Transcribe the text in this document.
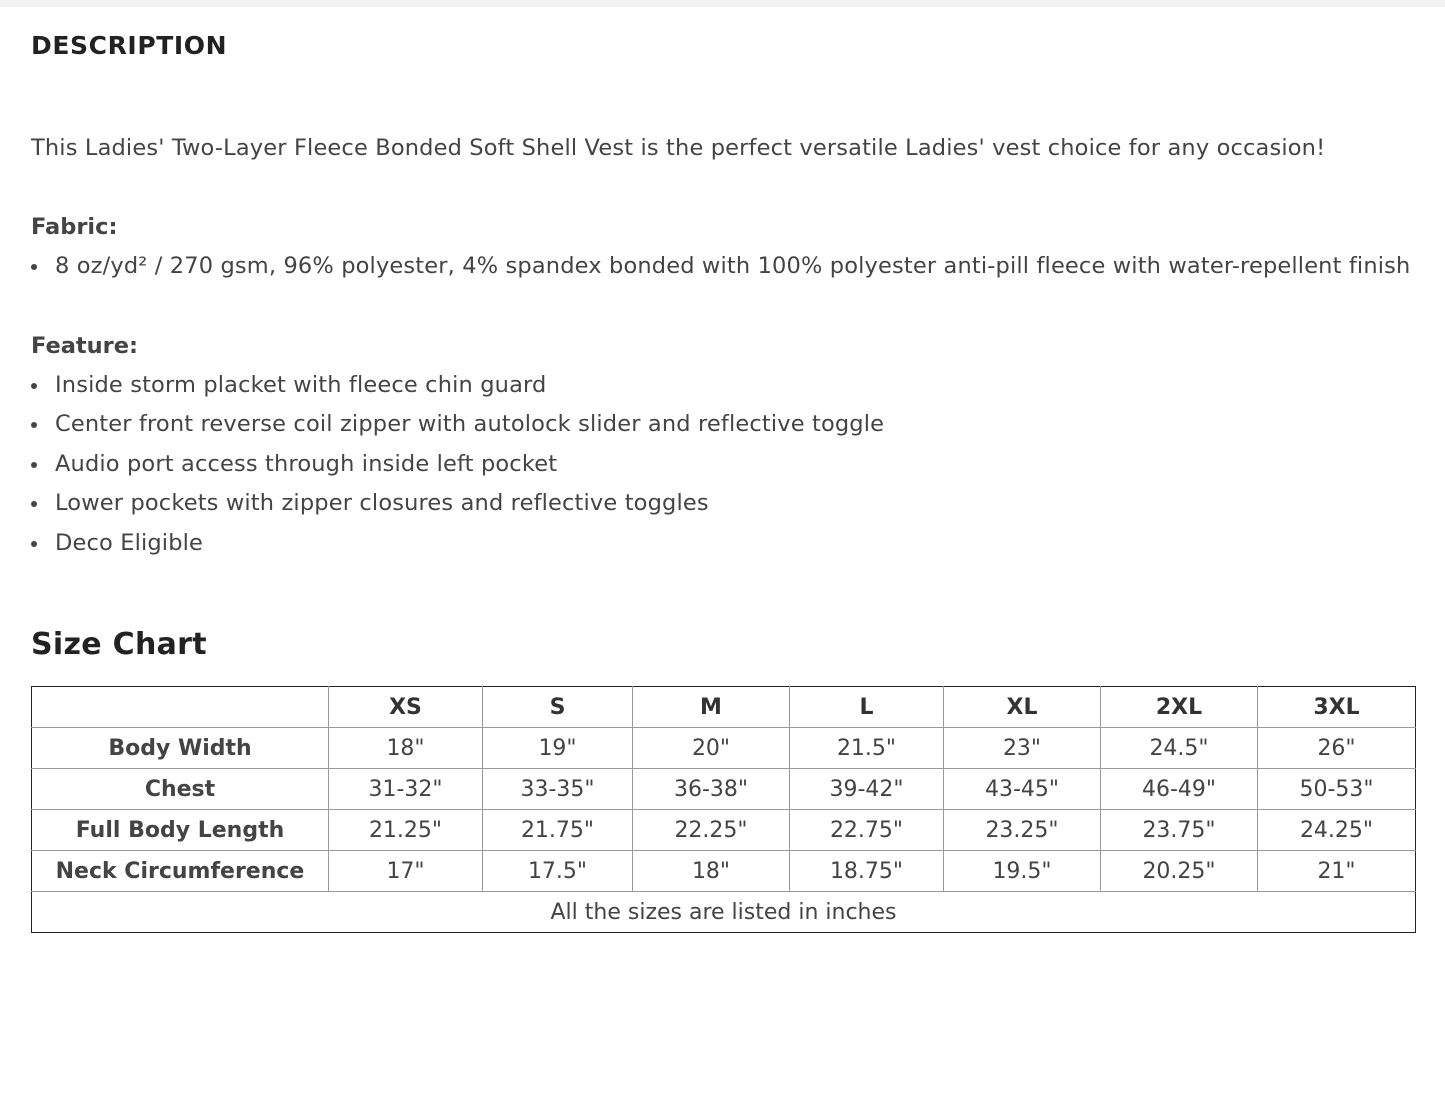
DESCRIPTION

This Ladies' Two-Layer Fleece Bonded Soft Shell Vest is the perfect versatile Ladies' vest choice for any occasion!

Fabric:

8 oz/yd² / 270 gsm, 96% polyester, 4% spandex bonded with 100% polyester anti-pill fleece with water-repellent finish

Feature:

Inside storm placket with fleece chin guard
Center front reverse coil zipper with autolock slider and reflective toggle
Audio port access through inside left pocket
Lower pockets with zipper closures and reflective toggles
Deco Eligible
Size Chart
	XS	S	M	L	XL	2XL	3XL
Body Width	18"	19"	20"	21.5"	23"	24.5"	26"
Chest	31-32"	33-35"	36-38"	39-42"	43-45"	46-49"	50-53"
Full Body Length	21.25"	21.75"	22.25"	22.75"	23.25"	23.75"	24.25"
Neck Circumference	17"	17.5"	18"	18.75"	19.5"	20.25"	21"
All the sizes are listed in inches							
